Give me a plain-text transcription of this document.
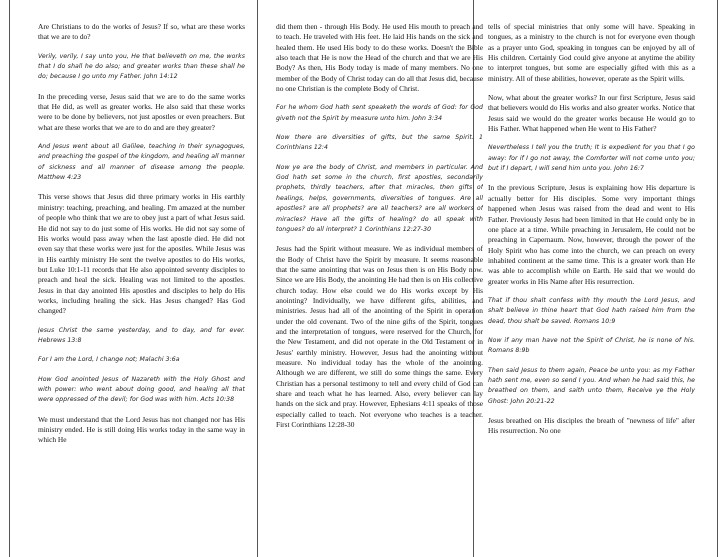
Are Christians to do the works of Jesus? If so, what are these works that we are to do?

Verily, verily, I say unto you, He that believeth on me, the works that I do shall he do also; and greater works than these shall he do; because I go unto my Father. John 14:12

In the preceding verse, Jesus said that we are to do the same works that He did, as well as greater works. He also said that these works were to be done by believers, not just apostles or even preachers. But what are these works that we are to do and are they greater?

And Jesus went about all Galilee, teaching in their synagogues, and preaching the gospel of the kingdom, and healing all manner of sickness and all manner of disease among the people. Matthew 4:23

This verse shows that Jesus did three primary works in His earthly ministry: teaching, preaching, and healing. I'm amazed at the number of people who think that we are to obey just a part of what Jesus said. He did not say to do just some of His works. He did not say some of His works would pass away when the last apostle died. He did not even say that these works were just for the apostles. While Jesus was in His earthly ministry He sent the twelve apostles to do His works, but Luke 10:1-11 records that He also appointed seventy disciples to preach and heal the sick. Healing was not limited to the apostles. Jesus in that day anointed His apostles and disciples to help do His works, including healing the sick. Has Jesus changed? Has God changed?

Jesus Christ the same yesterday, and to day, and for ever. Hebrews 13:8

For I am the Lord, I change not; Malachi 3:6a

How God anointed Jesus of Nazareth with the Holy Ghost and with power: who went about doing good, and healing all that were oppressed of the devil; for God was with him. Acts 10:38

We must understand that the Lord Jesus has not changed nor has His ministry ended. He is still doing His works today in the same way in which He

did them then - through His Body. He used His mouth to preach and to teach. He traveled with His feet. He laid His hands on the sick and healed them. He used His body to do these works. Doesn't the Bible also teach that He is now the Head of the church and that we are His Body? As then, His Body today is made of many members. No one member of the Body of Christ today can do all that Jesus did, because no one Christian is the complete Body of Christ.

For he whom God hath sent speaketh the words of God: for God giveth not the Spirit by measure unto him. John 3:34

Now there are diversities of gifts, but the same Spirit. 1 Corinthians 12:4

Now ye are the body of Christ, and members in particular. And God hath set some in the church, first apostles, secondarily prophets, thirdly teachers, after that miracles, then gifts of healings, helps, governments, diversities of tongues. Are all apostles? are all prophets? are all teachers? are all workers of miracles? Have all the gifts of healing? do all speak with tongues? do all interpret? 1 Corinthians 12:27-30

Jesus had the Spirit without measure. We as individual members of the Body of Christ have the Spirit by measure. It seems reasonable that the same anointing that was on Jesus then is on His Body now. Since we are His Body, the anointing He had then is on His collective church today. How else could we do His works except by His anointing? Individually, we have different gifts, abilities, and ministries. Jesus had all of the anointing of the Spirit in operation under the old covenant. Two of the nine gifts of the Spirit, tongues and the interpretation of tongues, were reserved for the Church, for the New Testament, and did not operate in the Old Testament or in Jesus' earthly ministry. However, Jesus had the anointing without measure. No individual today has the whole of the anointing. Although we are different, we still do some things the same. Every Christian has a personal testimony to tell and every child of God can share and teach what he has learned. Also, every believer can lay hands on the sick and pray. However, Ephesians 4:11 speaks of those especially called to teach. Not everyone who teaches is a teacher. First Corinthians 12:28-30

tells of special ministries that only some will have. Speaking in tongues, as a ministry to the church is not for everyone even though as a prayer unto God, speaking in tongues can be enjoyed by all of His children. Certainly God could give anyone at anytime the ability to interpret tongues, but some are especially gifted with this as a ministry. All of these abilities, however, operate as the Spirit wills.

Now, what about the greater works? In our first Scripture, Jesus said that believers would do His works and also greater works. Notice that Jesus said we would do the greater works because He would go to His Father. What happened when He went to His Father?

Nevertheless I tell you the truth; It is expedient for you that I go away: for if I go not away, the Comforter will not come unto you; but if I depart, I will send him unto you. John 16:7

In the previous Scripture, Jesus is explaining how His departure is actually better for His disciples. Some very important things happened when Jesus was raised from the dead and went to His Father. Previously Jesus had been limited in that He could only be in one place at a time. While preaching in Jerusalem, He could not be preaching in Capernaum. Now, however, through the power of the Holy Spirit who has come into the church, we can preach on every inhabited continent at the same time. This is a greater work than He was able to accomplish while on Earth. He said that we would do greater works in His Name after His resurrection.

That if thou shalt confess with thy mouth the Lord Jesus, and shalt believe in thine heart that God hath raised him from the dead, thou shalt be saved. Romans 10:9

Now if any man have not the Spirit of Christ, he is none of his. Romans 8:9b

Then said Jesus to them again, Peace be unto you: as my Father hath sent me, even so send I you. And when he had said this, he breathed on them, and saith unto them, Receive ye the Holy Ghost: John 20:21-22

Jesus breathed on His disciples the breath of "newness of life" after His resurrection. No one
